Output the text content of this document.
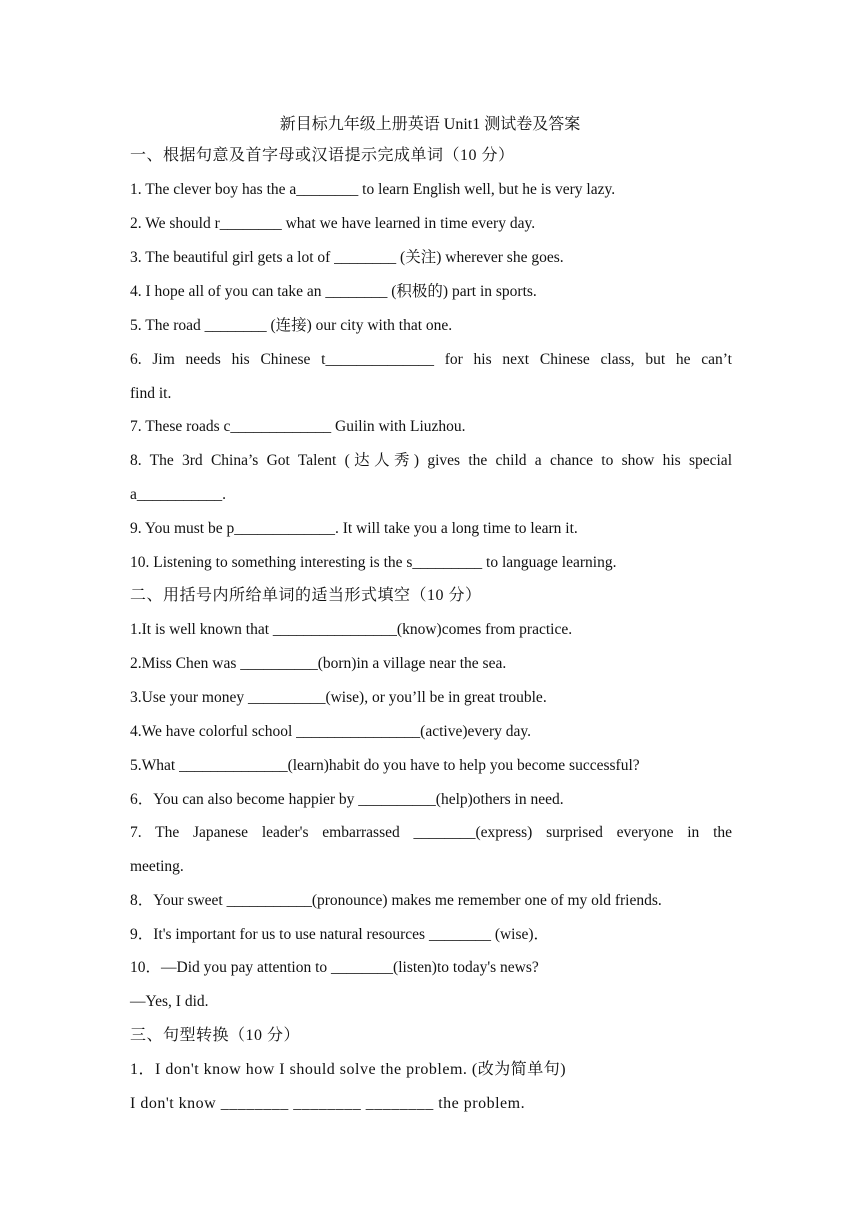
新目标九年级上册英语 Unit1 测试卷及答案
一、根据句意及首字母或汉语提示完成单词（10 分）
1. The clever boy has the a________ to learn English well, but he is very lazy.
2. We should r________ what we have learned in time every day.
3. The beautiful girl gets a lot of ________ (关注) wherever she goes.
4. I hope all of you can take an ________ (积极的) part in sports.
5. The road ________ (连接) our city with that one.
6. Jim needs his Chinese t______________ for his next Chinese class, but he can’t
find it.
7. These roads c_____________ Guilin with Liuzhou.
8. The 3rd China’s Got Talent (达人秀) gives the child a chance to show his special
a___________.
9. You must be p_____________. It will take you a long time to learn it.
10. Listening to something interesting is the s_________ to language learning.
二、用括号内所给单词的适当形式填空（10 分）
1.It is well known that ________________(know)comes from practice.
2.Miss Chen was __________(born)in a village near the sea.
3.Use your money __________(wise), or you’ll be in great trouble.
4.We have colorful school ________________(active)every day.
5.What ______________(learn)habit do you have to help you become successful?
6．You can also become happier by __________(help)others in need.
7. The Japanese leader's embarrassed ________(express) surprised everyone in the
meeting.
8．Your sweet ___________(pronounce) makes me remember one of my old friends.
9．It's important for us to use natural resources ________ (wise)．
10．—Did you pay attention to ________(listen)to today's news?
—Yes, I did.
三、句型转换（10 分）
1．I don't know how I should solve the problem. (改为简单句)
I don't know ________ ________ ________ the problem.
